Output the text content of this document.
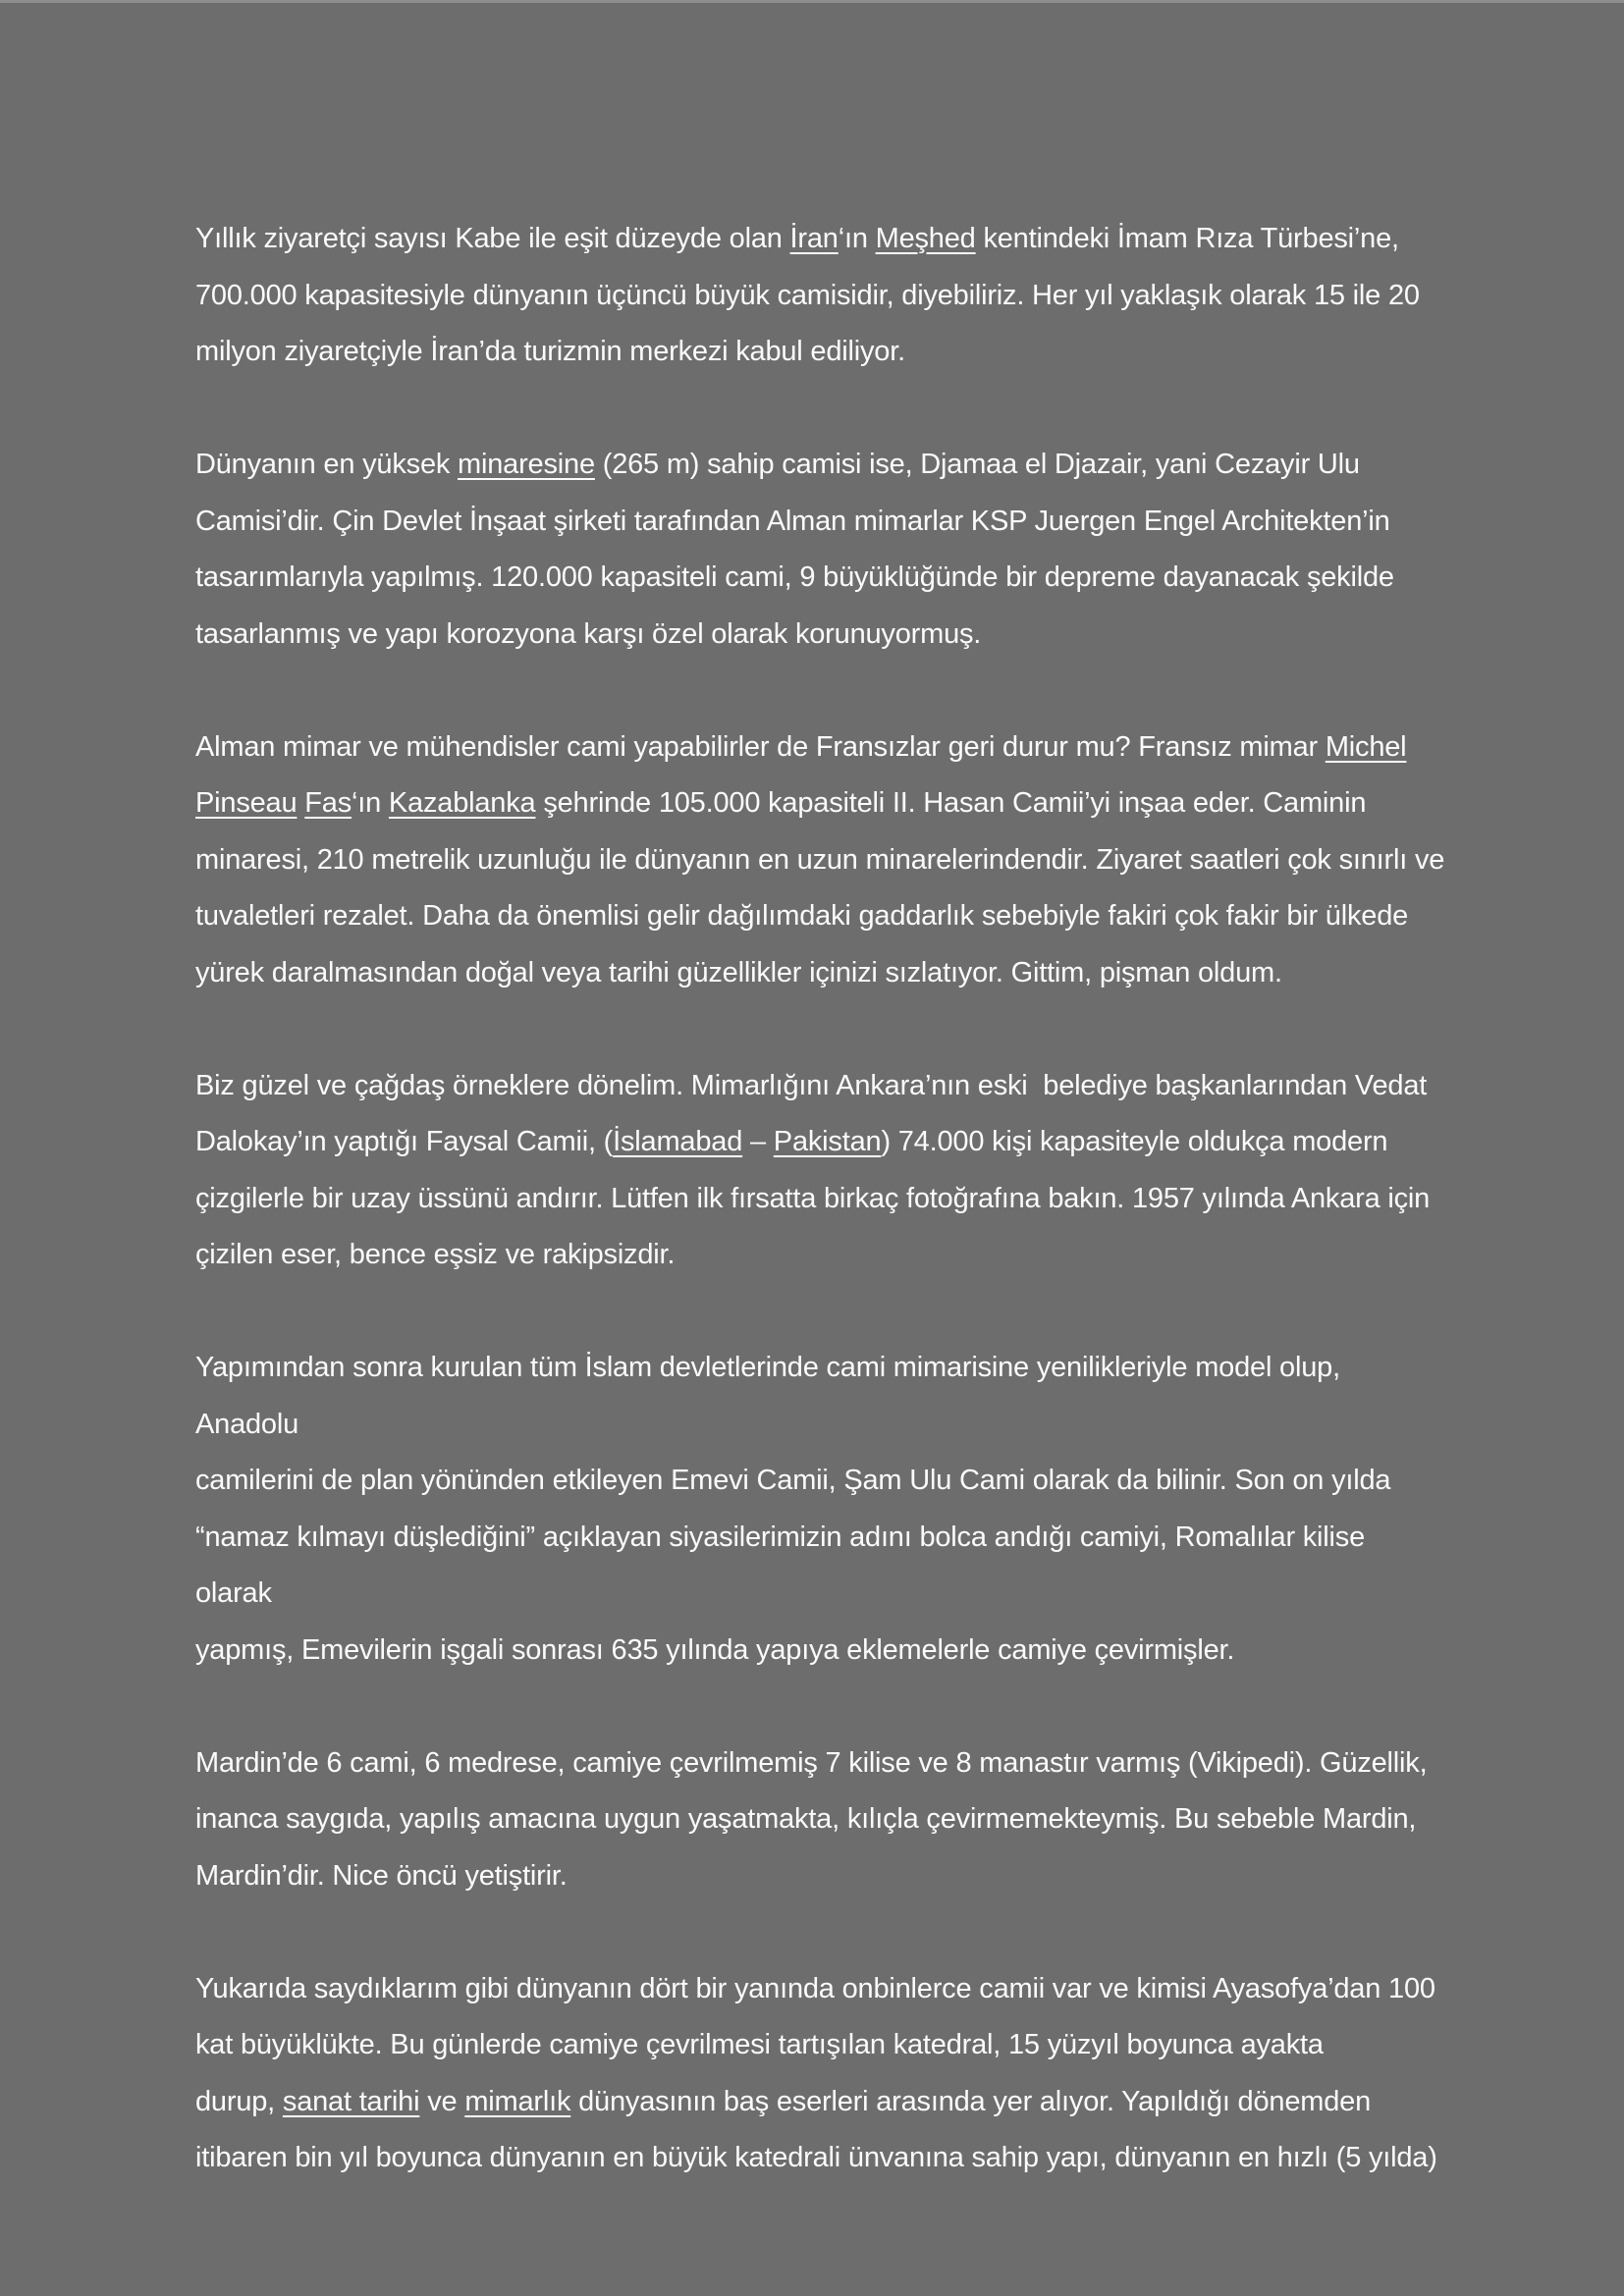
Yıllık ziyaretçi sayısı Kabe ile eşit düzeyde olan İran‘ın Meşhed kentindeki İmam Rıza Türbesi’ne,
700.000 kapasitesiyle dünyanın üçüncü büyük camisidir, diyebiliriz. Her yıl yaklaşık olarak 15 ile 20
milyon ziyaretçiyle İran’da turizmin merkezi kabul ediliyor.

Dünyanın en yüksek minaresine (265 m) sahip camisi ise, Djamaa el Djazair, yani Cezayir Ulu
Camisi’dir. Çin Devlet İnşaat şirketi tarafından Alman mimarlar KSP Juergen Engel Architekten’in
tasarımlarıyla yapılmış. 120.000 kapasiteli cami, 9 büyüklüğünde bir depreme dayanacak şekilde
tasarlanmış ve yapı korozyona karşı özel olarak korunuyormuş.

Alman mimar ve mühendisler cami yapabilirler de Fransızlar geri durur mu? Fransız mimar Michel
Pinseau Fas‘ın Kazablanka şehrinde 105.000 kapasiteli II. Hasan Camii’yi inşaa eder. Caminin
minaresi, 210 metrelik uzunluğu ile dünyanın en uzun minarelerindendir. Ziyaret saatleri çok sınırlı ve
tuvaletleri rezalet. Daha da önemlisi gelir dağılımdaki gaddarlık sebebiyle fakiri çok fakir bir ülkede
yürek daralmasından doğal veya tarihi güzellikler içinizi sızlatıyor. Gittim, pişman oldum.

Biz güzel ve çağdaş örneklere dönelim. Mimarlığını Ankara’nın eski  belediye başkanlarından Vedat
Dalokay’ın yaptığı Faysal Camii, (İslamabad – Pakistan) 74.000 kişi kapasiteyle oldukça modern
çizgilerle bir uzay üssünü andırır. Lütfen ilk fırsatta birkaç fotoğrafına bakın. 1957 yılında Ankara için
çizilen eser, bence eşsiz ve rakipsizdir.

Yapımından sonra kurulan tüm İslam devletlerinde cami mimarisine yenilikleriyle model olup, Anadolu
camilerini de plan yönünden etkileyen Emevi Camii, Şam Ulu Cami olarak da bilinir. Son on yılda
“namaz kılmayı düşlediğini” açıklayan siyasilerimizin adını bolca andığı camiyi, Romalılar kilise olarak
yapmış, Emevilerin işgali sonrası 635 yılında yapıya eklemelerle camiye çevirmişler.

Mardin’de 6 cami, 6 medrese, camiye çevrilmemiş 7 kilise ve 8 manastır varmış (Vikipedi). Güzellik,
inanca saygıda, yapılış amacına uygun yaşatmakta, kılıçla çevirmemekteymiş. Bu sebeble Mardin,
Mardin’dir. Nice öncü yetiştirir.

Yukarıda saydıklarım gibi dünyanın dört bir yanında onbinlerce camii var ve kimisi Ayasofya’dan 100
kat büyüklükte. Bu günlerde camiye çevrilmesi tartışılan katedral, 15 yüzyıl boyunca ayakta
durup, sanat tarihi ve mimarlık dünyasının baş eserleri arasında yer alıyor. Yapıldığı dönemden
itibaren bin yıl boyunca dünyanın en büyük katedrali ünvanına sahip yapı, dünyanın en hızlı (5 yılda)
